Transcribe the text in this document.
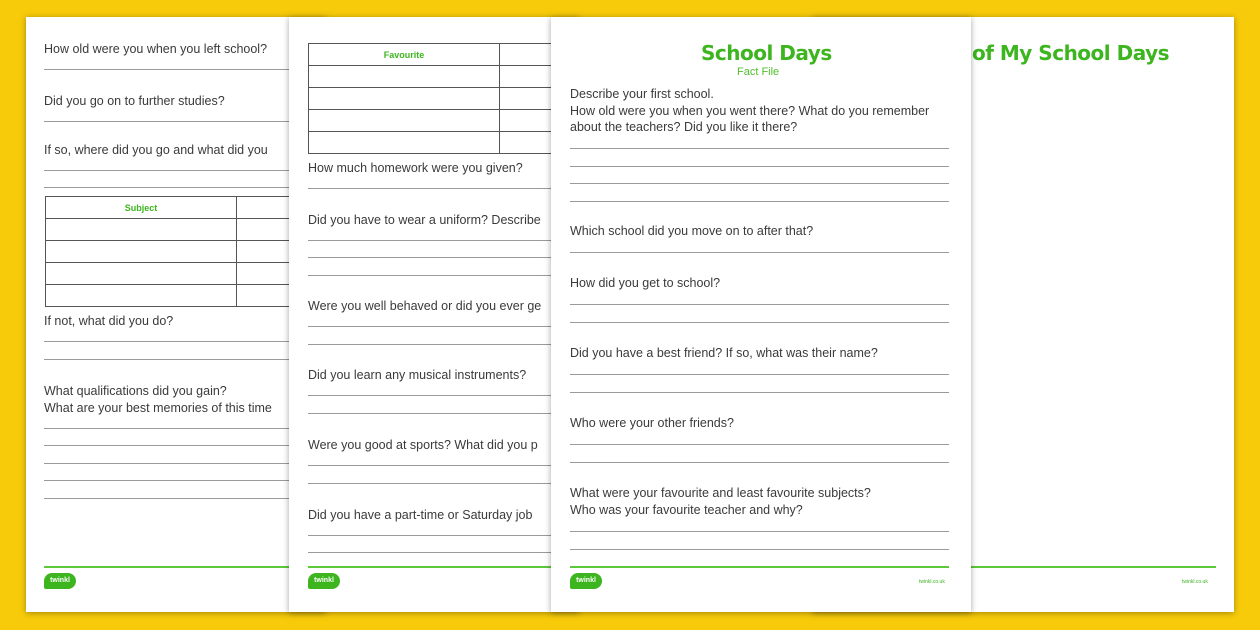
How old were you when you left school?
Did you go on to further studies?
If so, where did you go and what did you
Subject	

If not, what did you do?
What qualifications did you gain?
What are your best memories of this time
twinkl
of My School Days
twinkl.co.uk
Favourite	

How much homework were you given?
Did you have to wear a uniform? Describe
Were you well behaved or did you ever ge
Did you learn any musical instruments?
Were you good at sports? What did you p
Did you have a part-time or Saturday job
twinkl
School Days
Fact File
Describe your first school.
How old were you when you went there? What do you remember
about the teachers? Did you like it there?
Which school did you move on to after that?
How did you get to school?
Did you have a best friend? If so, what was their name?
Who were your other friends?
What were your favourite and least favourite subjects?
Who was your favourite teacher and why?
twinkl	twinkl.co.uk
